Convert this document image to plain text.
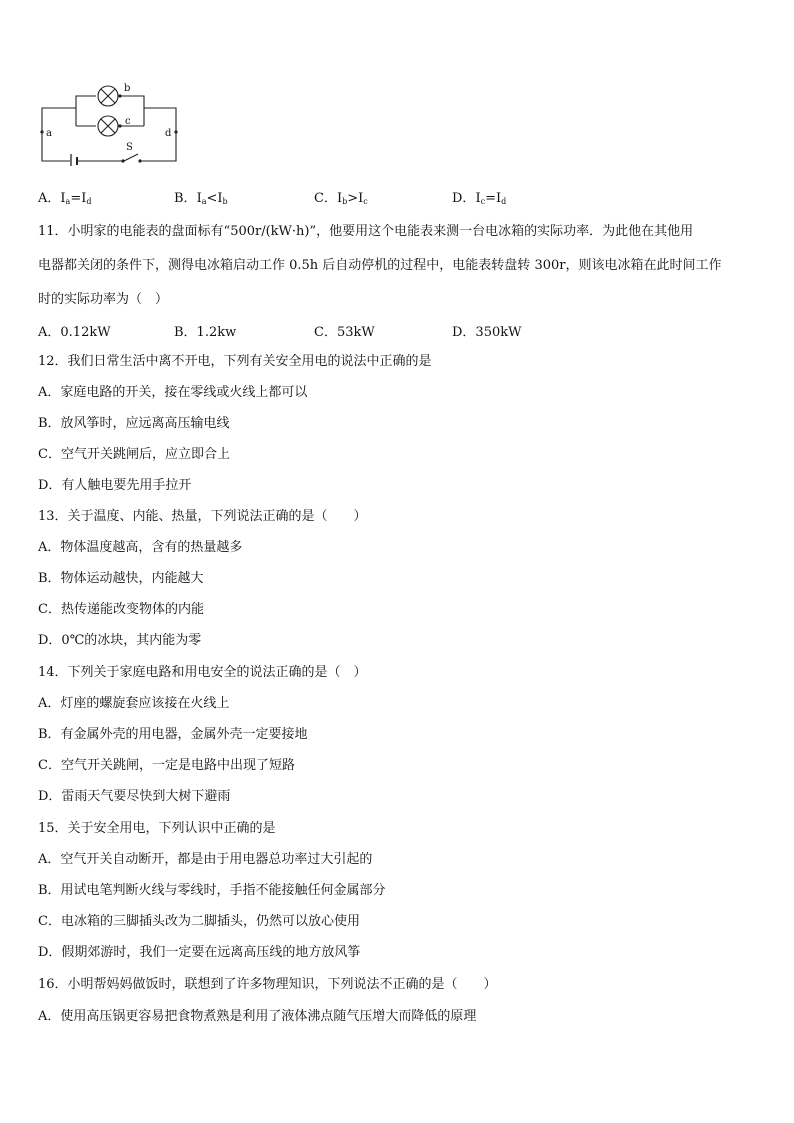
a
b
c
d
S
A．$I_a=I_d$	B．$I_a<I_b$	C．$I_b>I_c$	D．$I_c=I_d$
11．小明家的电能表的盘面标有“500r/(kW·h)”，他要用这个电能表来测一台电冰箱的实际功率．为此他在其他用
电器都关闭的条件下，测得电冰箱启动工作 0.5h 后自动停机的过程中，电能表转盘转 300r，则该电冰箱在此时间工作
时的实际功率为（　）
A．0.12kW	B．1.2kw	C．53kW	D．350kW
12．我们日常生活中离不开电，下列有关安全用电的说法中正确的是
A．家庭电路的开关，接在零线或火线上都可以
B．放风筝时，应远离高压输电线
C．空气开关跳闸后，应立即合上
D．有人触电要先用手拉开
13．关于温度、内能、热量，下列说法正确的是（　　）
A．物体温度越高，含有的热量越多
B．物体运动越快，内能越大
C．热传递能改变物体的内能
D．0℃的冰块，其内能为零
14．下列关于家庭电路和用电安全的说法正确的是（　）
A．灯座的螺旋套应该接在火线上
B．有金属外壳的用电器，金属外壳一定要接地
C．空气开关跳闸，一定是电路中出现了短路
D．雷雨天气要尽快到大树下避雨
15．关于安全用电，下列认识中正确的是
A．空气开关自动断开，都是由于用电器总功率过大引起的
B．用试电笔判断火线与零线时，手指不能接触任何金属部分
C．电冰箱的三脚插头改为二脚插头，仍然可以放心使用
D．假期郊游时，我们一定要在远离高压线的地方放风筝
16．小明帮妈妈做饭时，联想到了许多物理知识，下列说法不正确的是（　　）
A．使用高压锅更容易把食物煮熟是利用了液体沸点随气压增大而降低的原理
